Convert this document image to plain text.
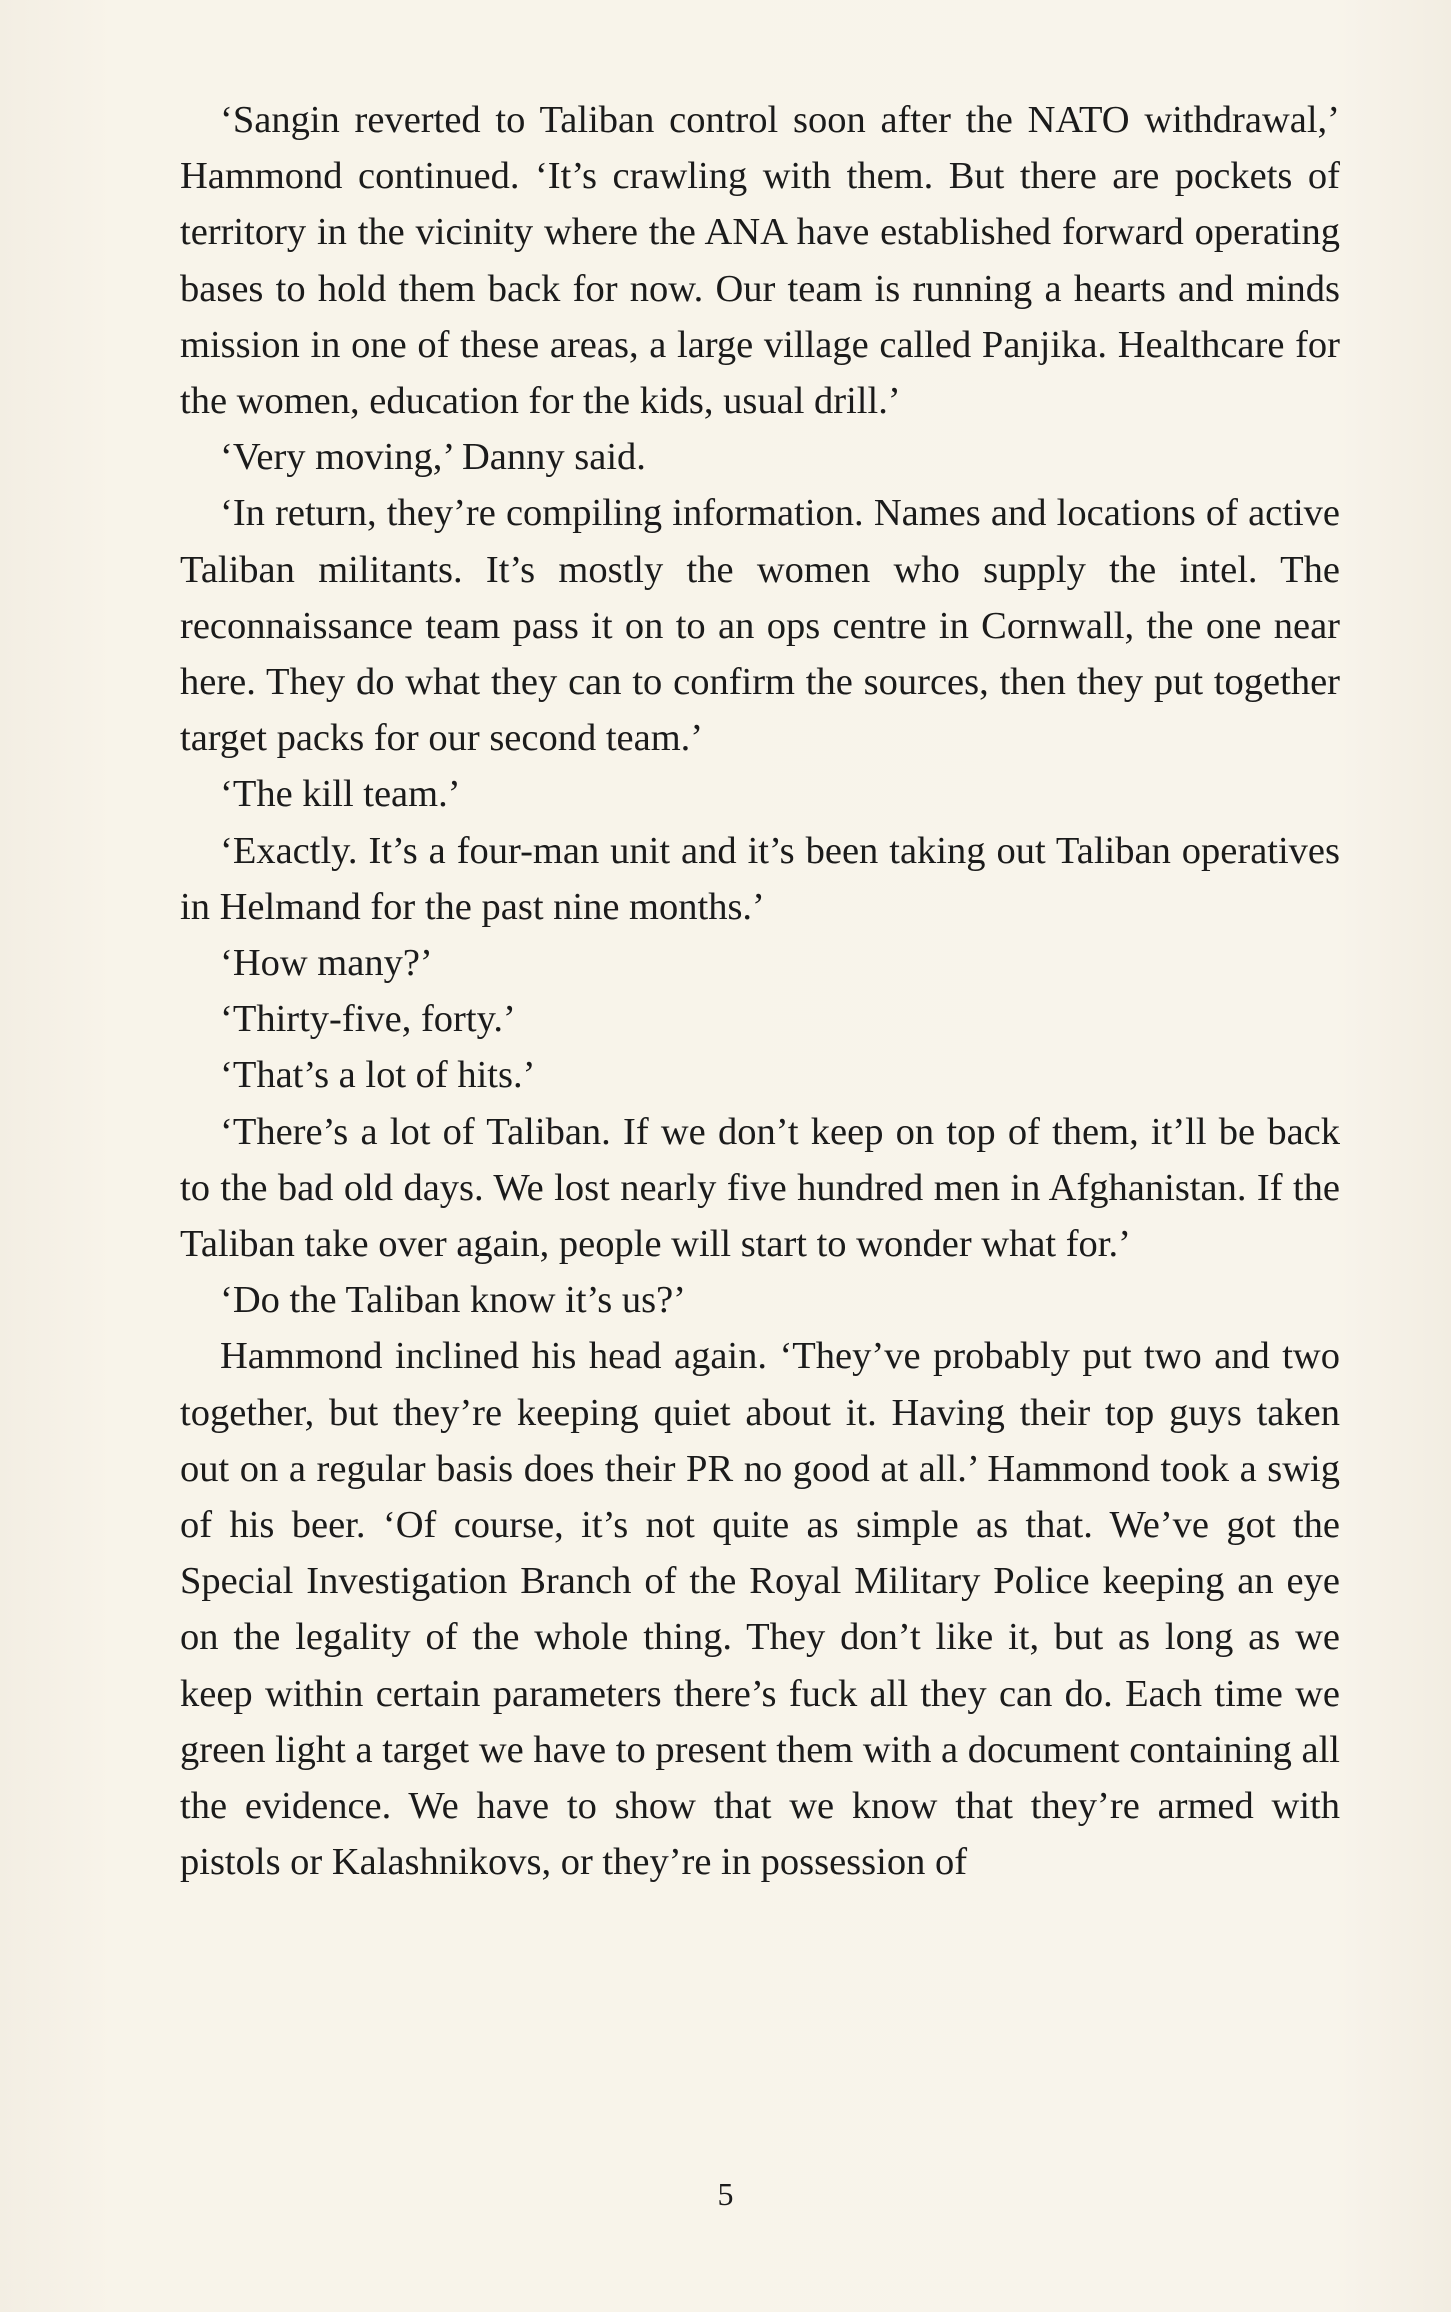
‘Sangin reverted to Taliban control soon after the NATO withdrawal,’ Hammond continued. ‘It’s crawling with them. But there are pockets of territory in the vicinity where the ANA have established forward operating bases to hold them back for now. Our team is running a hearts and minds mission in one of these areas, a large village called Panjika. Healthcare for the women, education for the kids, usual drill.’

‘Very moving,’ Danny said.

‘In return, they’re compiling information. Names and locations of active Taliban militants. It’s mostly the women who supply the intel. The reconnaissance team pass it on to an ops centre in Cornwall, the one near here. They do what they can to confirm the sources, then they put together target packs for our second team.’

‘The kill team.’

‘Exactly. It’s a four-man unit and it’s been taking out Taliban operatives in Helmand for the past nine months.’

‘How many?’

‘Thirty-five, forty.’

‘That’s a lot of hits.’

‘There’s a lot of Taliban. If we don’t keep on top of them, it’ll be back to the bad old days. We lost nearly five hundred men in Afghanistan. If the Taliban take over again, people will start to wonder what for.’

‘Do the Taliban know it’s us?’

Hammond inclined his head again. ‘They’ve probably put two and two together, but they’re keeping quiet about it. Having their top guys taken out on a regular basis does their PR no good at all.’ Hammond took a swig of his beer. ‘Of course, it’s not quite as simple as that. We’ve got the Special Investigation Branch of the Royal Military Police keeping an eye on the legality of the whole thing. They don’t like it, but as long as we keep within certain parameters there’s fuck all they can do. Each time we green light a target we have to present them with a document containing all the evidence. We have to show that we know that they’re armed with pistols or Kalashnikovs, or they’re in possession of

5
